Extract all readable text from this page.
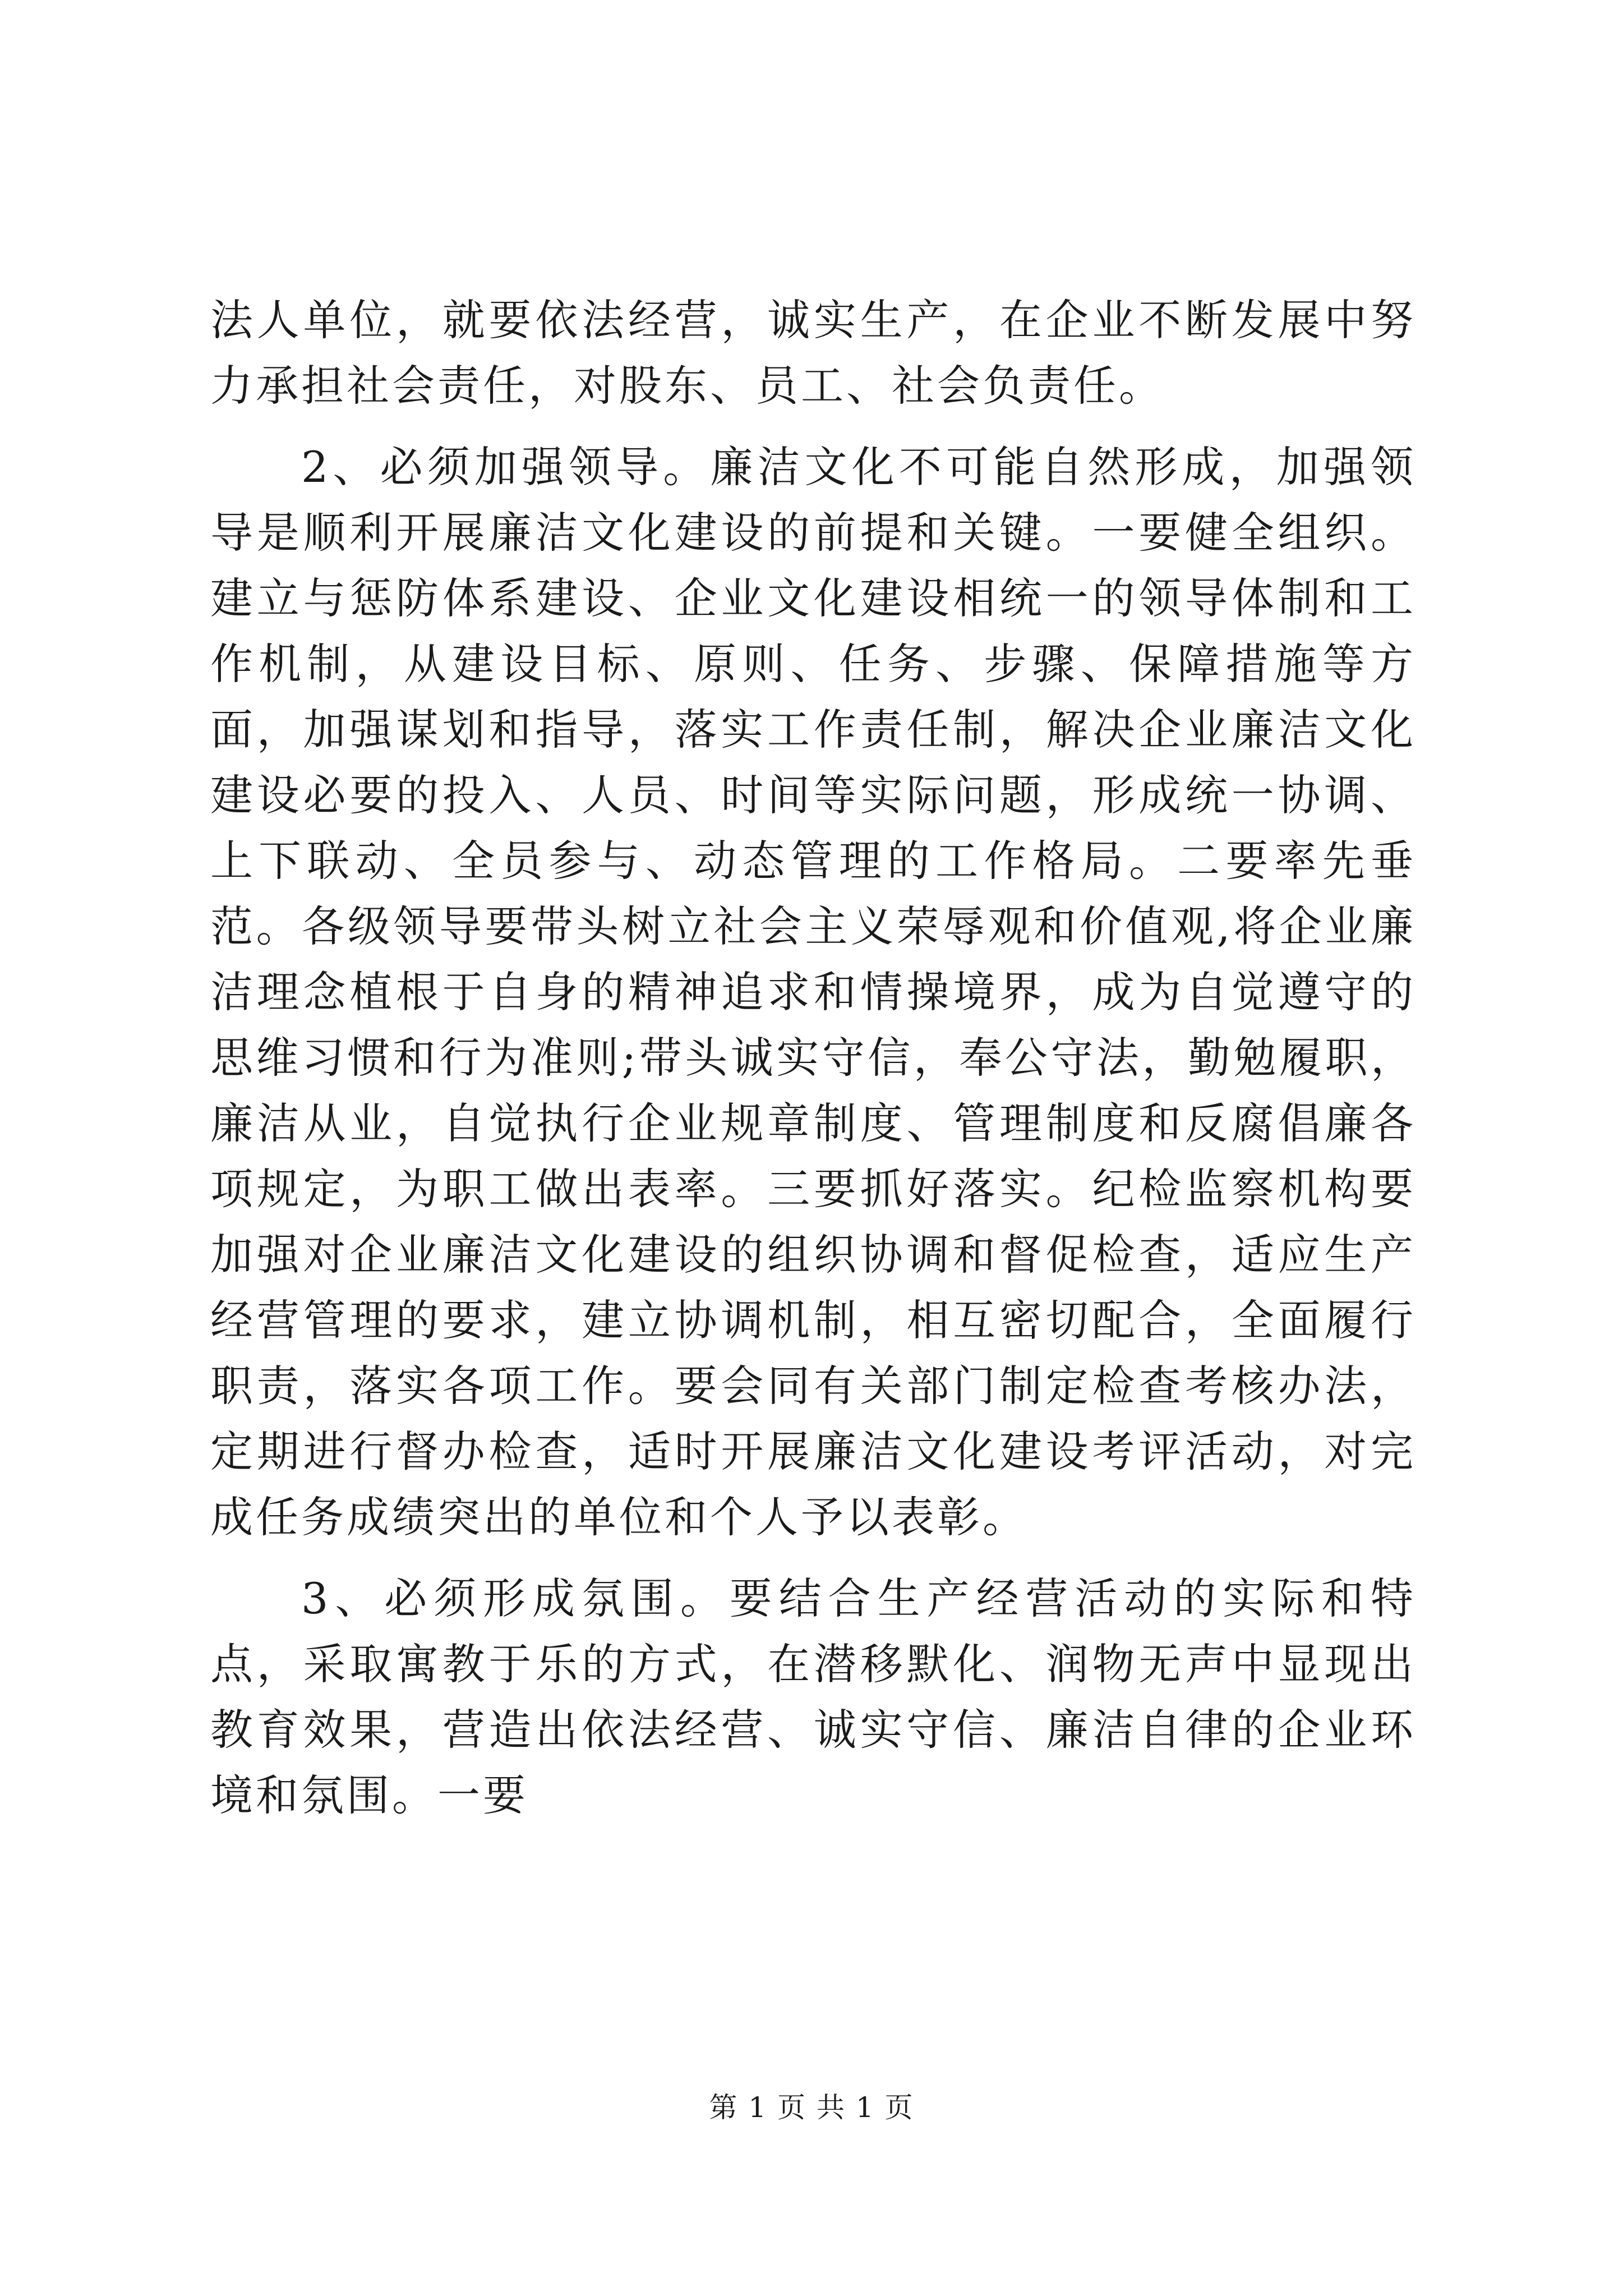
法人单位，就要依法经营，诚实生产，在企业不断发展中努力承担社会责任，对股东、员工、社会负责任。

2、必须加强领导。廉洁文化不可能自然形成，加强领导是顺利开展廉洁文化建设的前提和关键。一要健全组织。建立与惩防体系建设、企业文化建设相统一的领导体制和工作机制，从建设目标、原则、任务、步骤、保障措施等方面，加强谋划和指导，落实工作责任制，解决企业廉洁文化建设必要的投入、人员、时间等实际问题，形成统一协调、上下联动、全员参与、动态管理的工作格局。二要率先垂范。各级领导要带头树立社会主义荣辱观和价值观,将企业廉洁理念植根于自身的精神追求和情操境界，成为自觉遵守的思维习惯和行为准则;带头诚实守信，奉公守法，勤勉履职，廉洁从业，自觉执行企业规章制度、管理制度和反腐倡廉各项规定，为职工做出表率。三要抓好落实。纪检监察机构要加强对企业廉洁文化建设的组织协调和督促检查，适应生产经营管理的要求，建立协调机制，相互密切配合，全面履行职责，落实各项工作。要会同有关部门制定检查考核办法，定期进行督办检查，适时开展廉洁文化建设考评活动，对完成任务成绩突出的单位和个人予以表彰。

3、必须形成氛围。要结合生产经营活动的实际和特点，采取寓教于乐的方式，在潜移默化、润物无声中显现出教育效果，营造出依法经营、诚实守信、廉洁自律的企业环境和氛围。一要

第 1 页 共 1 页
